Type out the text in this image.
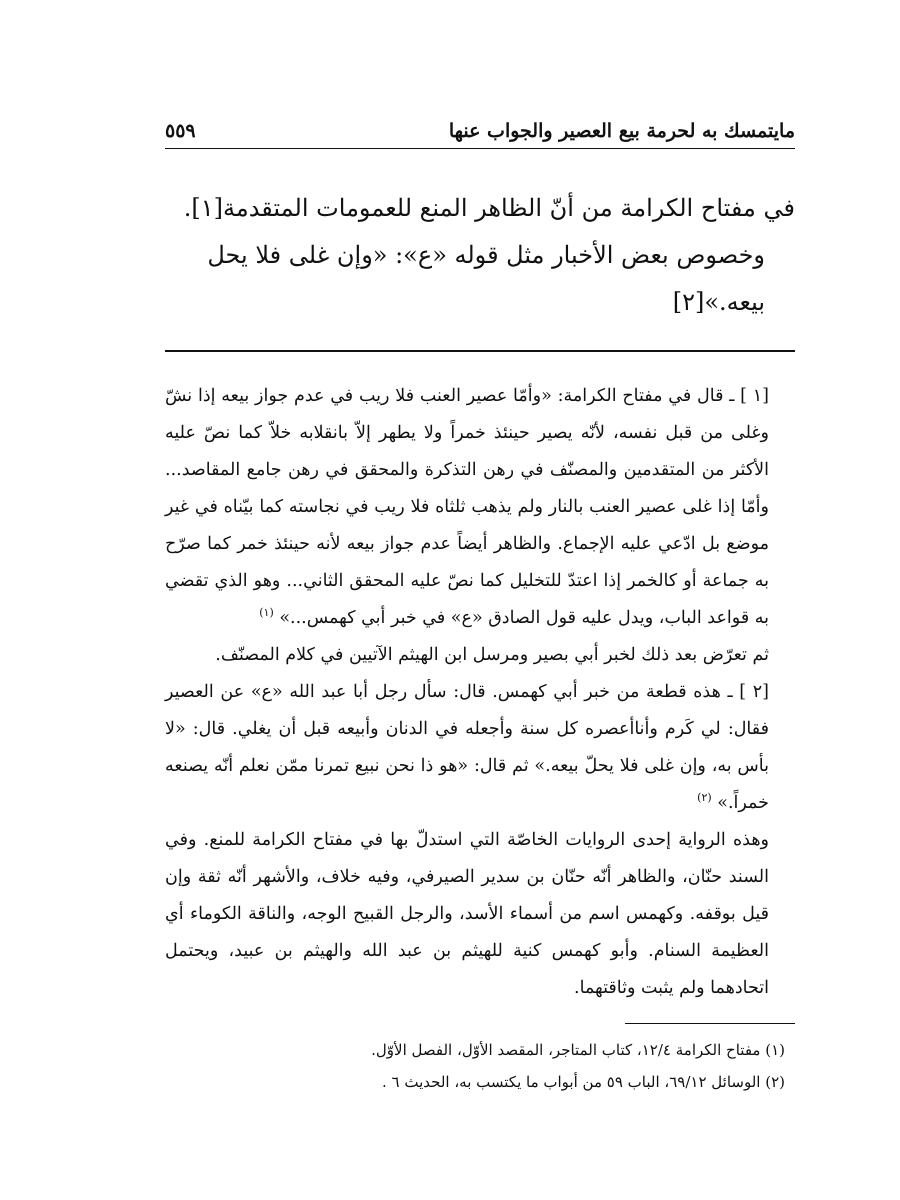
مايتمسك به لحرمة بيع العصير والجواب عنها
٥٥٩

في مفتاح الكرامة من أنّ الظاهر المنع للعمومات المتقدمة[١].

وخصوص بعض الأخبار مثل قوله «ع»: «وإن غلى فلا يحل بيعه.»[٢]

[١ ] ـ قال في مفتاح الكرامة: «وأمّا عصير العنب فلا ريب في عدم جواز بيعه إذا نشّ وغلى من قبل نفسه، لأنّه يصير حينئذ خمراً ولا يطهر إلاّ بانقلابه خلاّ كما نصّ عليه الأكثر من المتقدمين والمصنّف في رهن التذكرة والمحقق في رهن جامع المقاصد... وأمّا إذا غلى عصير العنب بالنار ولم يذهب ثلثاه فلا ريب في نجاسته كما بيّناه في غير موضع بل ادّعي عليه الإجماع. والظاهر أيضاً عدم جواز بيعه لأنه حينئذ خمر كما صرّح به جماعة أو كالخمر إذا اعتدّ للتخليل كما نصّ عليه المحقق الثاني... وهو الذي تقضي به قواعد الباب، ويدل عليه قول الصادق «ع» في خبر أبي كهمس...» $^{(١)}$

ثم تعرّض بعد ذلك لخبر أبي بصير ومرسل ابن الهيثم الآتيين في كلام المصنّف.

[٢ ] ـ هذه قطعة من خبر أبي كهمس. قال: سأل رجل أبا عبد الله «ع» عن العصير فقال: لي كَرم وأناأعصره كل سنة وأجعله في الدنان وأبيعه قبل أن يغلي. قال: «لا بأس به، وإن غلى فلا يحلّ بيعه.» ثم قال: «هو ذا نحن نبيع تمرنا ممّن نعلم أنّه يصنعه خمراً.» $^{(٢)}$

وهذه الرواية إحدى الروايات الخاصّة التي استدلّ بها في مفتاح الكرامة للمنع. وفي السند حنّان، والظاهر أنّه حنّان بن سدير الصيرفي، وفيه خلاف، والأشهر أنّه ثقة وإن قيل بوقفه. وكهمس اسم من أسماء الأسد، والرجل القبيح الوجه، والناقة الكوماء أي العظيمة السنام. وأبو كهمس كنية للهيثم بن عبد الله والهيثم بن عبيد، ويحتمل اتحادهما ولم يثبت وثاقتهما.

(١) مفتاح الكرامة ١٢/٤، كتاب المتاجر، المقصد الأوّل، الفصل الأوّل.

(٢) الوسائل ٦٩/١٢، الباب ٥٩ من أبواب ما يكتسب به، الحديث ٦ .
